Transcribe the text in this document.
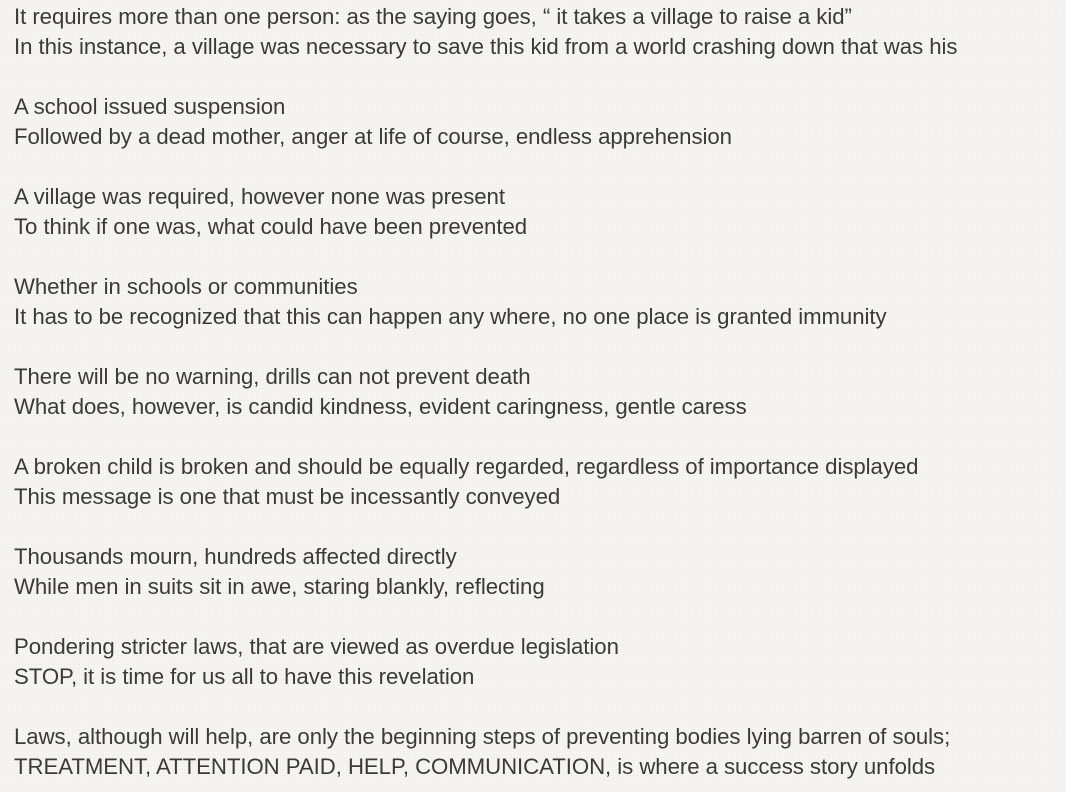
It requires more than one person: as the saying goes, “ it takes a village to raise a kid”
In this instance, a village was necessary to save this kid from a world crashing down that was his
A school issued suspension
Followed by a dead mother, anger at life of course, endless apprehension
A village was required, however none was present
To think if one was, what could have been prevented
Whether in schools or communities
It has to be recognized that this can happen any where, no one place is granted immunity
There will be no warning, drills can not prevent death
What does, however, is candid kindness, evident caringness, gentle caress
A broken child is broken and should be equally regarded, regardless of importance displayed
This message is one that must be incessantly conveyed
Thousands mourn, hundreds affected directly
While men in suits sit in awe, staring blankly, reflecting
Pondering stricter laws, that are viewed as overdue legislation
STOP, it is time for us all to have this revelation
Laws, although will help, are only the beginning steps of preventing bodies lying barren of souls;
TREATMENT, ATTENTION PAID, HELP, COMMUNICATION, is where a success story unfolds
